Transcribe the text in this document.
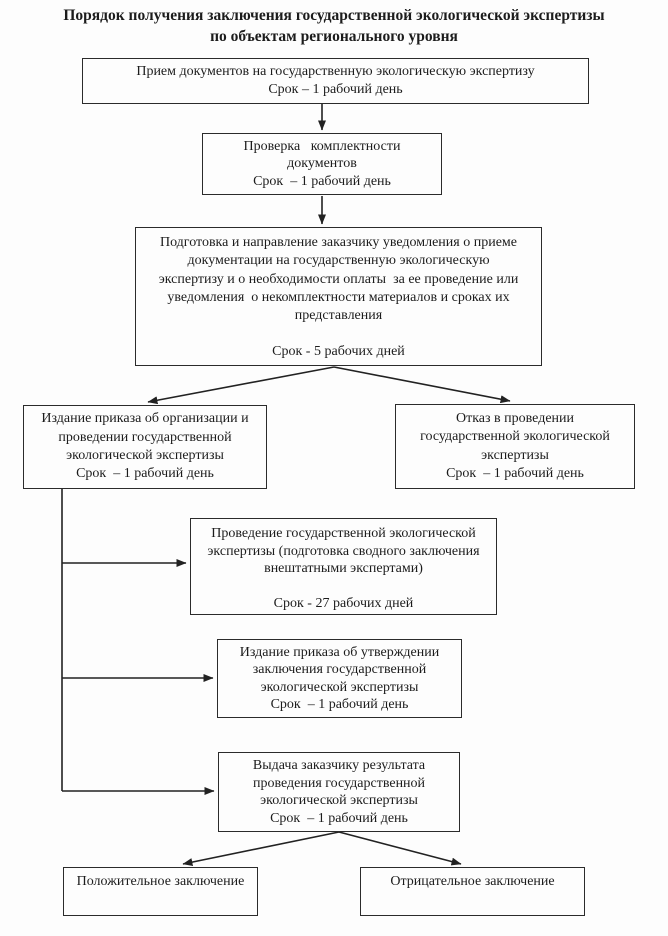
Порядок получения заключения государственной экологической экспертизы
по объектам регионального уровня
Прием документов на государственную экологическую экспертизу
Срок – 1 рабочий день
Проверка   комплектности
документов
Срок  – 1 рабочий день
Подготовка и направление заказчику уведомления о приеме
документации на государственную экологическую
экспертизу и о необходимости оплаты  за ее проведение или
уведомления  о некомплектности материалов и сроках их
представления
Срок - 5 рабочих дней
Издание приказа об организации и
проведении государственной
экологической экспертизы
Срок  – 1 рабочий день
Отказ в проведении
государственной экологической
экспертизы
Срок  – 1 рабочий день
Проведение государственной экологической
экспертизы (подготовка сводного заключения
внештатными экспертами)
Срок - 27 рабочих дней
Издание приказа об утверждении
заключения государственной
экологической экспертизы
Срок  – 1 рабочий день
Выдача заказчику результата
проведения государственной
экологической экспертизы
Срок  – 1 рабочий день
Положительное заключение	Отрицательное заключение
